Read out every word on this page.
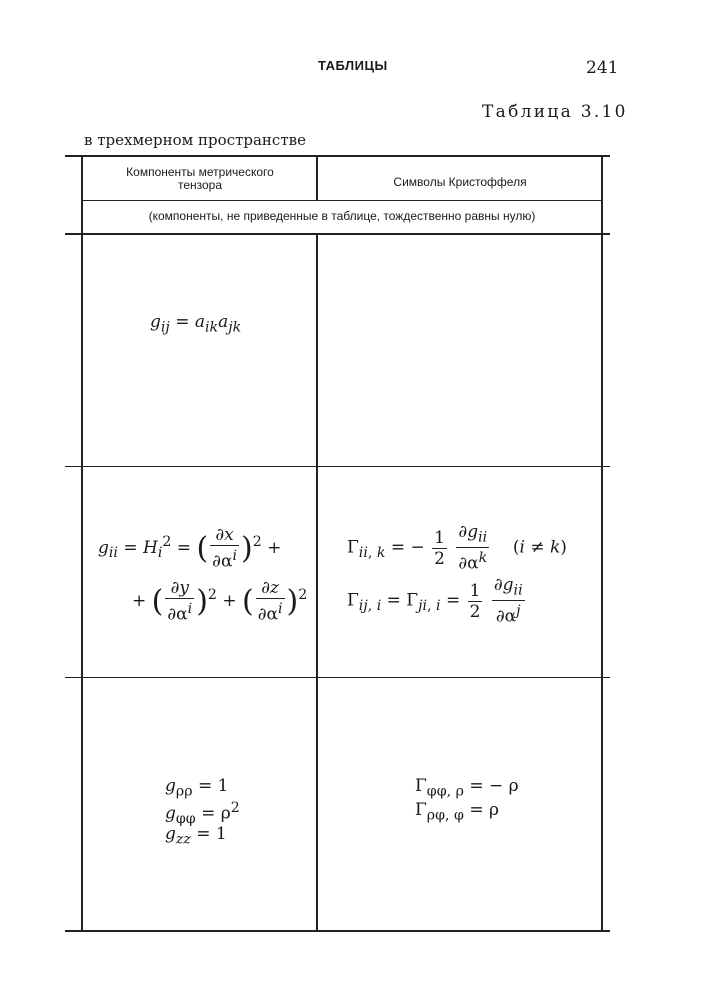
ТАБЛИЦЫ	241
Таблица 3.10
в трехмерном пространстве
Компоненты метрического тензора	Символы Кристоффеля
(компоненты, не приведенные в таблице, тождественно равны нулю)
$g_{ij} = a_{ik}a_{jk}$
$g_{ii} = H_i^2$ = ( $\frac{\partial x}{\partial\alpha^i} )^2$ +
+ ( $\frac{\partial y}{\partial\alpha^i} )^2$ + ( $\frac{\partial z}{\partial\alpha^i} )^2$
$\Gamma_{ii, k}$ = − $\frac{1}{2}$
$\frac{\partial g_{ii}}{\partial\alpha^k} (i \ne k)$
$\Gamma_{ij, i} = \Gamma_{ji, i} = \frac{1}{2}$
$\frac{\partial g_{ii}}{\partial\alpha^j}$
$g_{\rho\rho} = 1$
$g_{\varphi\varphi} = \rho^2$
$g_{zz} = 1$
$\Gamma_{\varphi\varphi, \rho}$ = − ρ
$\Gamma_{\rho\varphi, \varphi} = \rho$
